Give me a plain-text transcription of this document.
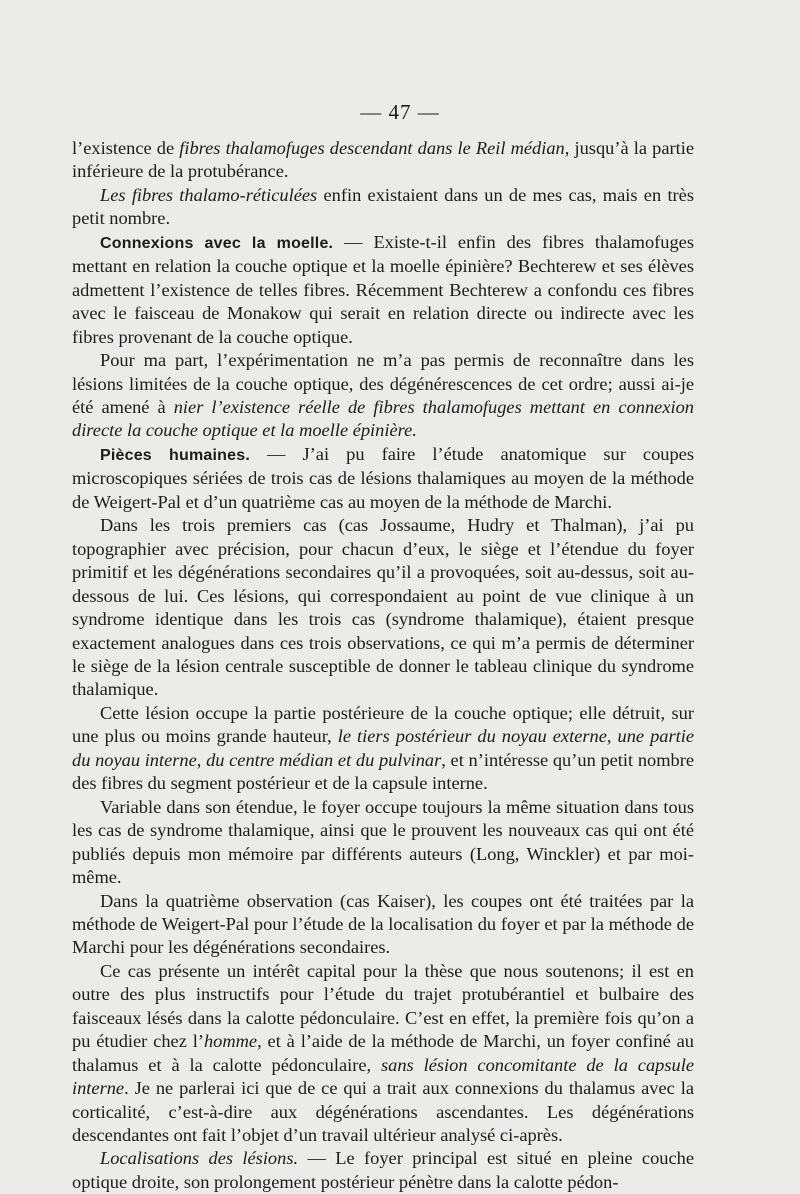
— 47 —

l’existence de fibres thalamofuges descendant dans le Reil médian, jusqu’à la partie inférieure de la protubérance.

Les fibres thalamo-réticulées enfin existaient dans un de mes cas, mais en très petit nombre.

Connexions avec la moelle. — Existe-t-il enfin des fibres thalamofuges mettant en relation la couche optique et la moelle épinière? Bechterew et ses élèves admettent l’existence de telles fibres. Récemment Bechterew a confondu ces fibres avec le faisceau de Monakow qui serait en relation directe ou indirecte avec les fibres provenant de la couche optique.

Pour ma part, l’expérimentation ne m’a pas permis de reconnaître dans les lésions limitées de la couche optique, des dégénérescences de cet ordre; aussi ai-je été amené à nier l’existence réelle de fibres thalamofuges mettant en connexion directe la couche optique et la moelle épinière.

Pièces humaines. — J’ai pu faire l’étude anatomique sur coupes microscopiques sériées de trois cas de lésions thalamiques au moyen de la méthode de Weigert-Pal et d’un quatrième cas au moyen de la méthode de Marchi.

Dans les trois premiers cas (cas Jossaume, Hudry et Thalman), j’ai pu topographier avec précision, pour chacun d’eux, le siège et l’étendue du foyer primitif et les dégénérations secondaires qu’il a provoquées, soit au-dessus, soit au-dessous de lui. Ces lésions, qui correspondaient au point de vue clinique à un syndrome identique dans les trois cas (syndrome thalamique), étaient presque exactement analogues dans ces trois observations, ce qui m’a permis de déterminer le siège de la lésion centrale susceptible de donner le tableau clinique du syndrome thalamique.

Cette lésion occupe la partie postérieure de la couche optique; elle détruit, sur une plus ou moins grande hauteur, le tiers postérieur du noyau externe, une partie du noyau interne, du centre médian et du pulvinar, et n’intéresse qu’un petit nombre des fibres du segment postérieur et de la capsule interne.

Variable dans son étendue, le foyer occupe toujours la même situation dans tous les cas de syndrome thalamique, ainsi que le prouvent les nouveaux cas qui ont été publiés depuis mon mémoire par différents auteurs (Long, Winckler) et par moi-même.

Dans la quatrième observation (cas Kaiser), les coupes ont été traitées par la méthode de Weigert-Pal pour l’étude de la localisation du foyer et par la méthode de Marchi pour les dégénérations secondaires.

Ce cas présente un intérêt capital pour la thèse que nous soutenons; il est en outre des plus instructifs pour l’étude du trajet protubérantiel et bulbaire des faisceaux lésés dans la calotte pédonculaire. C’est en effet, la première fois qu’on a pu étudier chez l’homme, et à l’aide de la méthode de Marchi, un foyer confiné au thalamus et à la calotte pédonculaire, sans lésion concomitante de la capsule interne. Je ne parlerai ici que de ce qui a trait aux connexions du thalamus avec la corticalité, c’est-à-dire aux dégénérations ascendantes. Les dégénérations descendantes ont fait l’objet d’un travail ultérieur analysé ci-après.

Localisations des lésions. — Le foyer principal est situé en pleine couche optique droite, son prolongement postérieur pénètre dans la calotte pédon-
